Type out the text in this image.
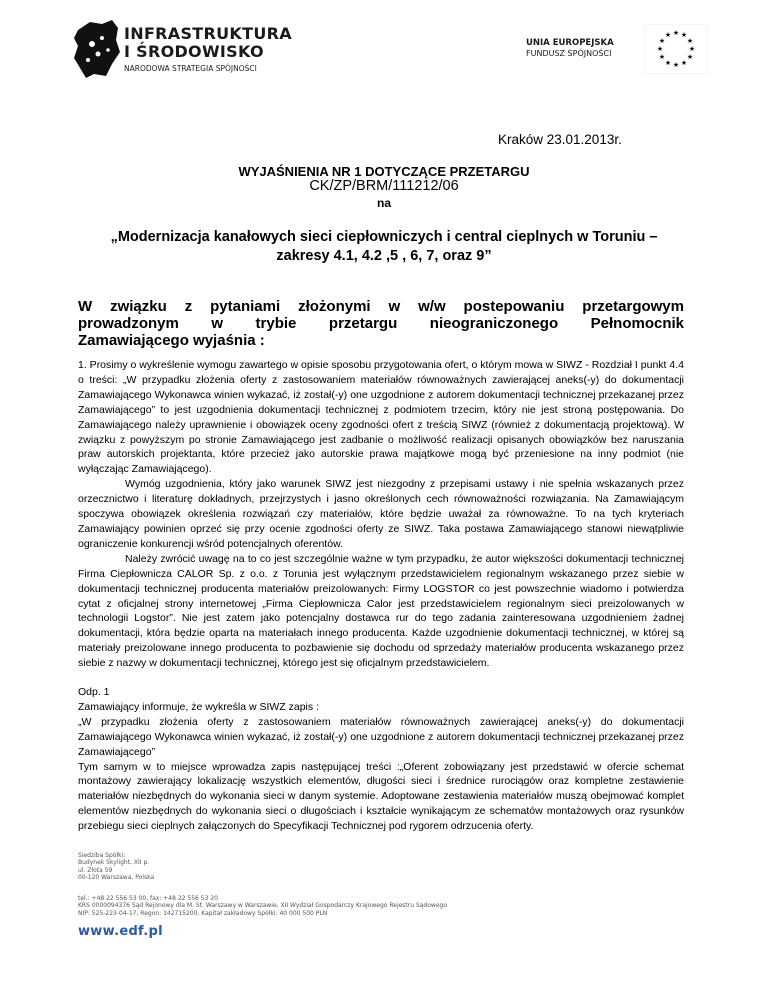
INFRASTRUKTURA
I ŚRODOWISKO
NARODOWA STRATEGIA SPÓJNOŚCI
UNIA EUROPEJSKA
FUNDUSZ SPÓJNOŚCI
★ ★
★
★
★
★
★
★
★
★
★
★
Kraków 23.01.2013r.
WYJAŚNIENIA NR 1 DOTYCZĄCE PRZETARGU
CK/ZP/BRM/111212/06
na
„Modernizacja kanałowych sieci ciepłowniczych i central cieplnych w Toruniu –
zakresy 4.1, 4.2 ,5 , 6, 7, oraz 9”
W związku z pytaniami złożonymi w w/w postepowaniu przetargowym
prowadzonym w trybie przetargu nieograniczonego Pełnomocnik
Zamawiającego wyjaśnia :

1. Prosimy o wykreślenie wymogu zawartego w opisie sposobu przygotowania ofert, o którym mowa w SIWZ - Rozdział I punkt 4.4 o treści: „W przypadku złożenia oferty z zastosowaniem materiałów równoważnych zawierającej aneks(-y) do dokumentacji Zamawiającego Wykonawca winien wykazać, iż został(-y) one uzgodnione z autorem dokumentacji technicznej przekazanej przez Zamawiającego” to jest uzgodnienia dokumentacji technicznej z podmiotem trzecim, który nie jest stroną postępowania. Do Zamawiającego należy uprawnienie i obowiązek oceny zgodności ofert z treścią SIWZ (również z dokumentacją projektową). W związku z powyższym po stronie Zamawiającego jest zadbanie o możliwość realizacji opisanych obowiązków bez naruszania praw autorskich projektanta, które przecież jako autorskie prawa majątkowe mogą być przeniesione na inny podmiot (nie wyłączając Zamawiającego).

Wymóg uzgodnienia, który jako warunek SIWZ jest niezgodny z przepisami ustawy i nie spełnia wskazanych przez orzecznictwo i literaturę dokładnych, przejrzystych i jasno określonych cech równoważności rozwiązania. Na Zamawiającym spoczywa obowiązek określenia rozwiązań czy materiałów, które będzie uważał za równoważne. To na tych kryteriach Zamawiający powinien oprzeć się przy ocenie zgodności oferty ze SIWZ. Taka postawa Zamawiającego stanowi niewątpliwie ograniczenie konkurencji wśród potencjalnych oferentów.

Należy zwrócić uwagę na to co jest szczególnie ważne w tym przypadku, że autor większości dokumentacji technicznej Firma Ciepłownicza CALOR Sp. z o.o. z Torunia jest wyłącznym przedstawicielem regionalnym wskazanego przez siebie w dokumentacji technicznej producenta materiałów preizolowanych: Firmy LOGSTOR co jest powszechnie wiadomo i potwierdza cytat z oficjalnej strony internetowej „Firma Ciepłownicza Calor jest przedstawicielem regionalnym sieci preizolowanych w technologii Logstor”. Nie jest zatem jako potencjalny dostawca rur do tego zadania zainteresowana uzgodnieniem żadnej dokumentacji, która będzie oparta na materiałach innego producenta. Każde uzgodnienie dokumentacji technicznej, w której są materiały preizolowane innego producenta to pozbawienie się dochodu od sprzedaży materiałów producenta wskazanego przez siebie z nazwy w dokumentacji technicznej, którego jest się oficjalnym przedstawicielem.

Odp. 1

Zamawiający informuje, że wykreśla w SIWZ zapis :

„W przypadku złożenia oferty z zastosowaniem materiałów równoważnych zawierającej aneks(-y) do dokumentacji Zamawiającego Wykonawca winien wykazać, iż został(-y) one uzgodnione z autorem dokumentacji technicznej przekazanej przez Zamawiającego”

Tym samym w to miejsce wprowadza zapis następującej treści :„Oferent zobowiązany jest przedstawić w ofercie schemat montażowy zawierający lokalizację wszystkich elementów, długości sieci i średnice rurociągów oraz kompletne zestawienie materiałów niezbędnych do wykonania sieci w danym systemie. Adoptowane zestawienia materiałów muszą obejmować komplet elementów niezbędnych do wykonania sieci o długościach i kształcie wynikającym ze schematów montażowych oraz rysunków przebiegu sieci cieplnych załączonych do Specyfikacji Technicznej pod rygorem odrzucenia oferty.

Siedziba Spółki:
Budynek Skylight, XII p.
ul. Złota 59
00-120 Warszawa, Polska
tel.: +48 22 556 53 00, fax: +48 22 556 53 20
KRS 0000094376 Sąd Rejonowy dla M. St. Warszawy w Warszawie, XII Wydział Gospodarczy Krajowego Rejestru Sądowego
NIP: 525-223-04-17, Regon: 142715200, Kapitał zakładowy Spółki: 40 000 500 PLN
www.edf.pl
